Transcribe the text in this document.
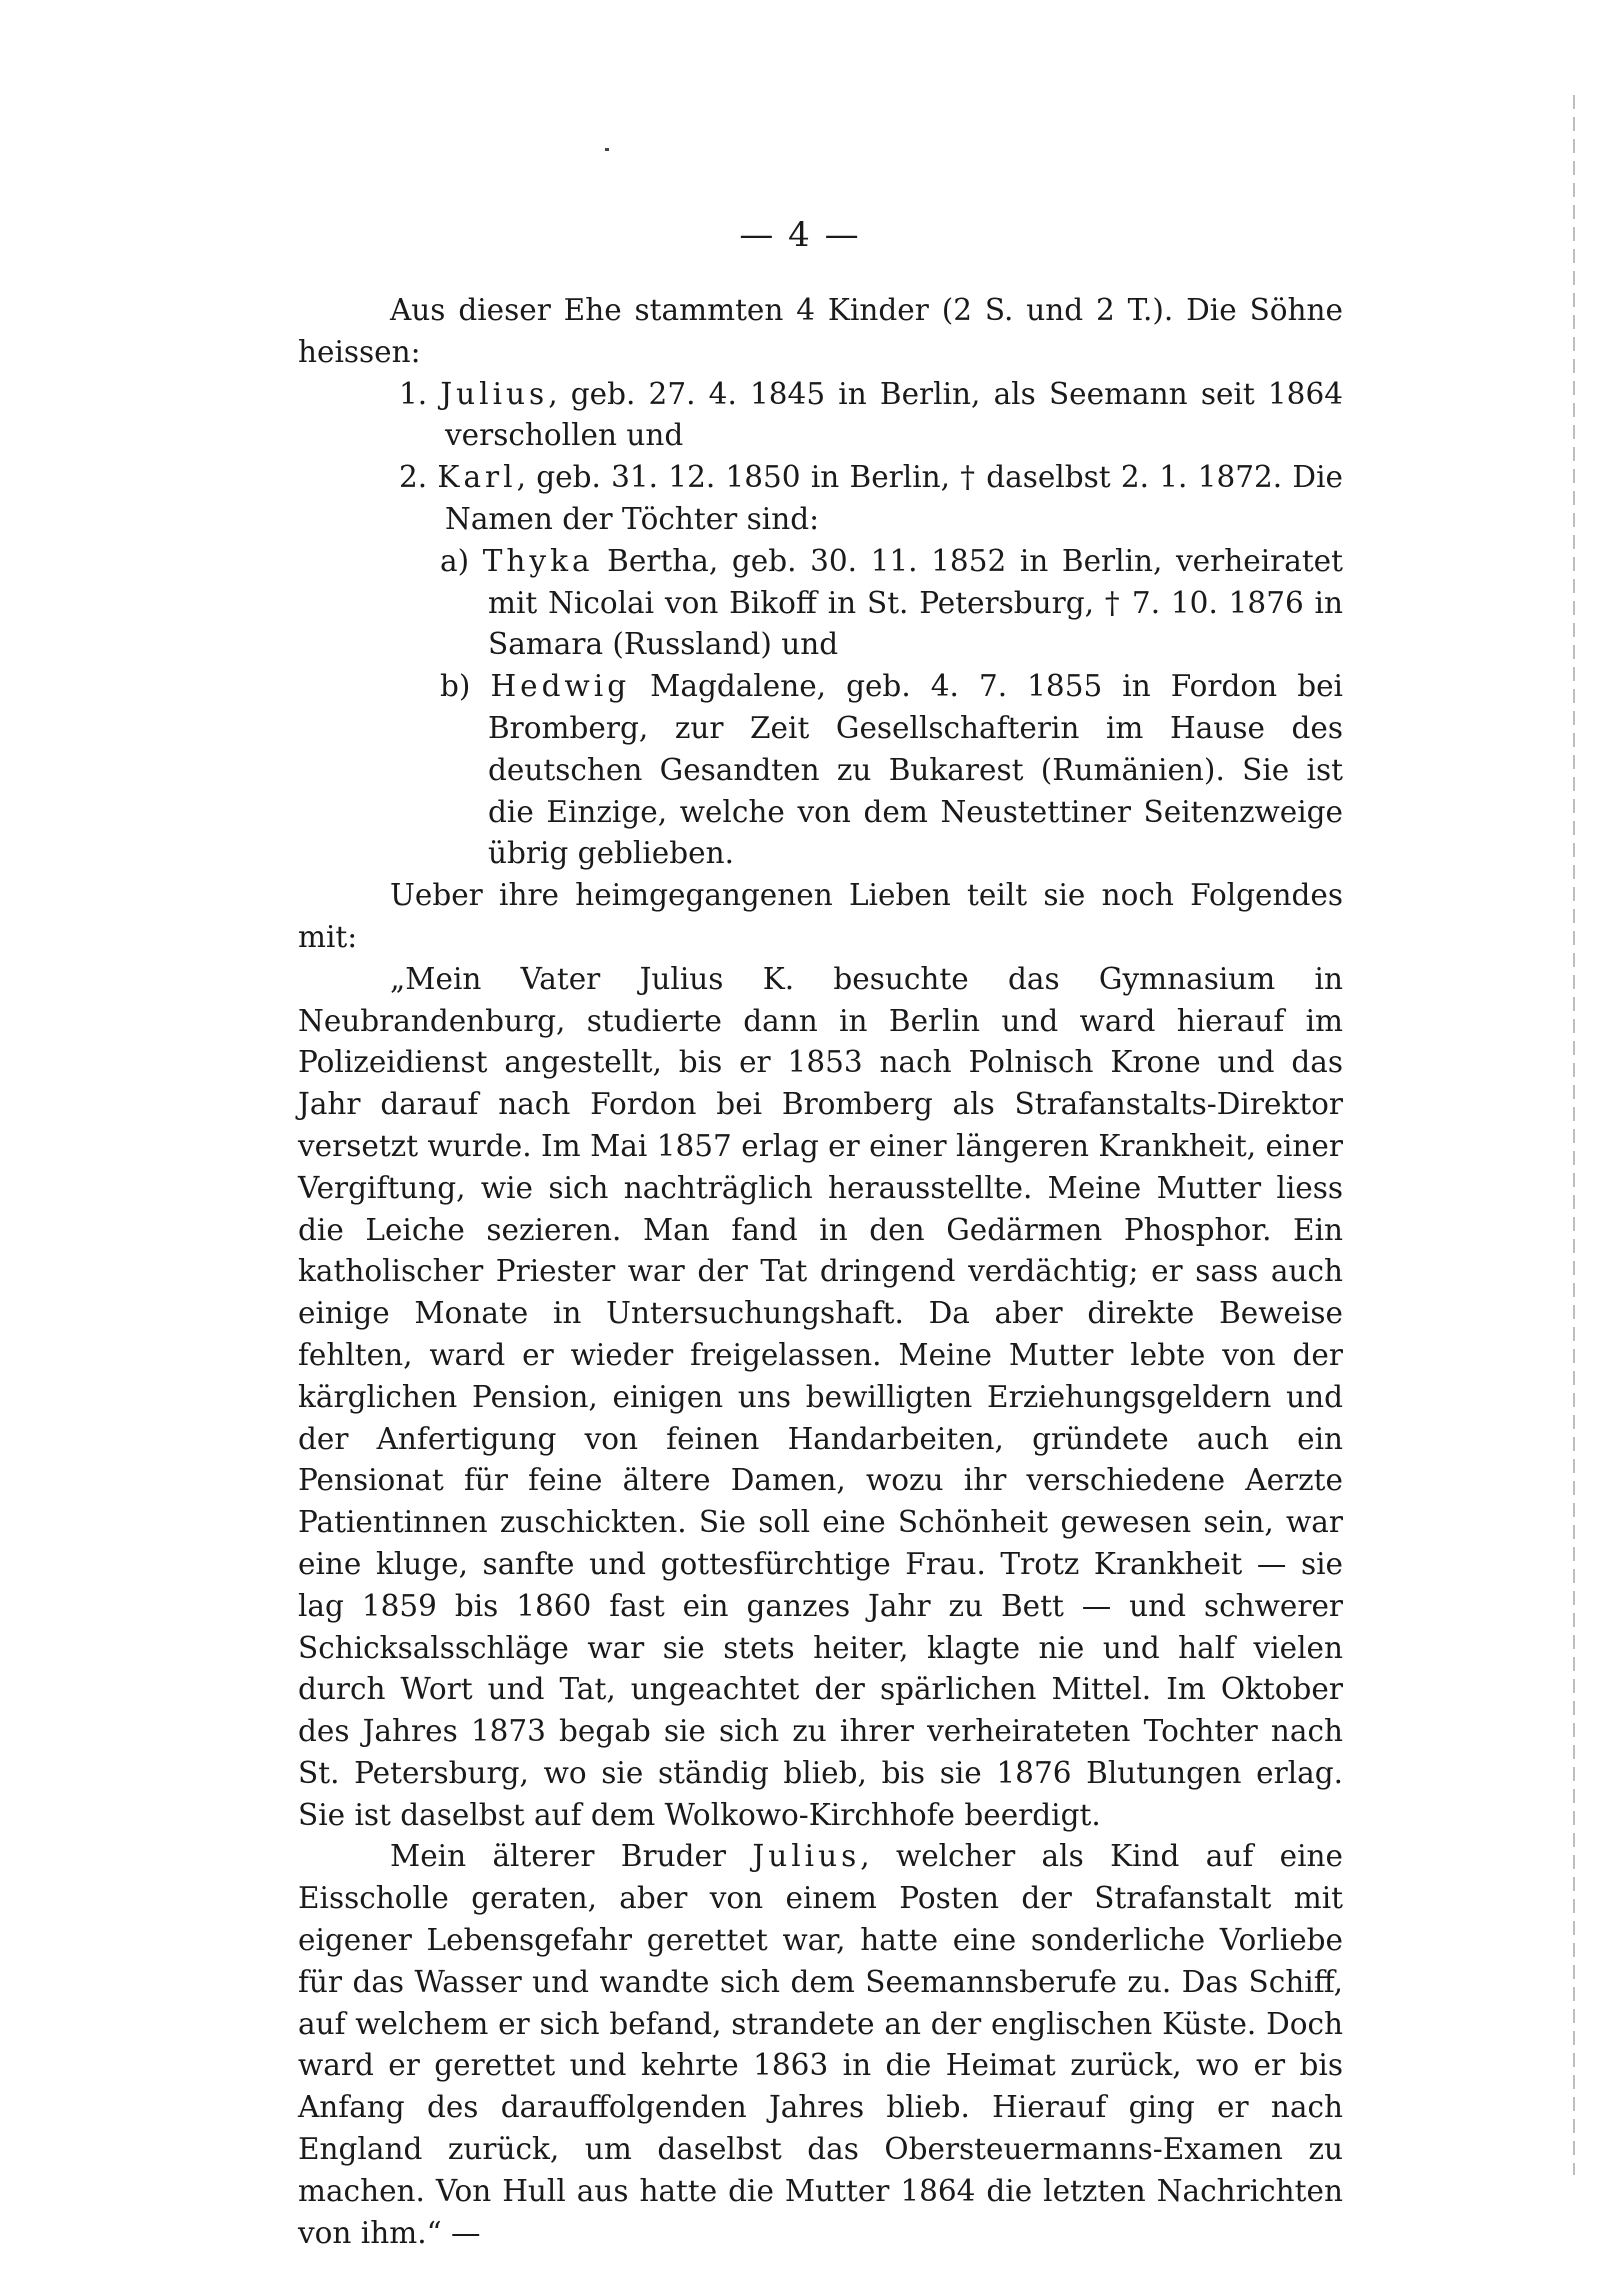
— 4 —

Aus dieser Ehe stammten 4 Kinder (2 S. und 2 T.). Die Söhne heissen:

1. Julius, geb. 27. 4. 1845 in Berlin, als Seemann seit 1864 verschollen und

2. Karl, geb. 31. 12. 1850 in Berlin, † daselbst 2. 1. 1872. Die Namen der Töchter sind:

a) Thyka Bertha, geb. 30. 11. 1852 in Berlin, verheiratet mit Nicolai von Bikoff in St. Petersburg, † 7. 10. 1876 in Samara (Russland) und

b) Hedwig Magdalene, geb. 4. 7. 1855 in Fordon bei Bromberg, zur Zeit Gesellschafterin im Hause des deutschen Gesandten zu Bukarest (Rumänien). Sie ist die Einzige, welche von dem Neustettiner Seitenzweige übrig geblieben.

Ueber ihre heimgegangenen Lieben teilt sie noch Folgendes mit:

„Mein Vater Julius K. besuchte das Gymnasium in Neubrandenburg, studierte dann in Berlin und ward hierauf im Polizeidienst angestellt, bis er 1853 nach Polnisch Krone und das Jahr darauf nach Fordon bei Bromberg als Strafanstalts-Direktor versetzt wurde. Im Mai 1857 erlag er einer längeren Krankheit, einer Vergiftung, wie sich nachträglich herausstellte. Meine Mutter liess die Leiche sezieren. Man fand in den Gedärmen Phosphor. Ein katholischer Priester war der Tat dringend verdächtig; er sass auch einige Monate in Untersuchungshaft. Da aber direkte Beweise fehlten, ward er wieder freigelassen. Meine Mutter lebte von der kärglichen Pension, einigen uns bewilligten Erziehungsgeldern und der Anfertigung von feinen Handarbeiten, gründete auch ein Pensionat für feine ältere Damen, wozu ihr verschiedene Aerzte Patientinnen zuschickten. Sie soll eine Schönheit gewesen sein, war eine kluge, sanfte und gottesfürchtige Frau. Trotz Krankheit — sie lag 1859 bis 1860 fast ein ganzes Jahr zu Bett — und schwerer Schicksalsschläge war sie stets heiter, klagte nie und half vielen durch Wort und Tat, ungeachtet der spärlichen Mittel. Im Oktober des Jahres 1873 begab sie sich zu ihrer verheirateten Tochter nach St. Petersburg, wo sie ständig blieb, bis sie 1876 Blutungen erlag. Sie ist daselbst auf dem Wolkowo-Kirchhofe beerdigt.

Mein älterer Bruder Julius, welcher als Kind auf eine Eisscholle geraten, aber von einem Posten der Strafanstalt mit eigener Lebensgefahr gerettet war, hatte eine sonderliche Vorliebe für das Wasser und wandte sich dem Seemannsberufe zu. Das Schiff, auf welchem er sich befand, strandete an der englischen Küste. Doch ward er gerettet und kehrte 1863 in die Heimat zurück, wo er bis Anfang des darauffolgenden Jahres blieb. Hierauf ging er nach England zurück, um daselbst das Obersteuermanns-Examen zu machen. Von Hull aus hatte die Mutter 1864 die letzten Nachrichten von ihm.“ —
